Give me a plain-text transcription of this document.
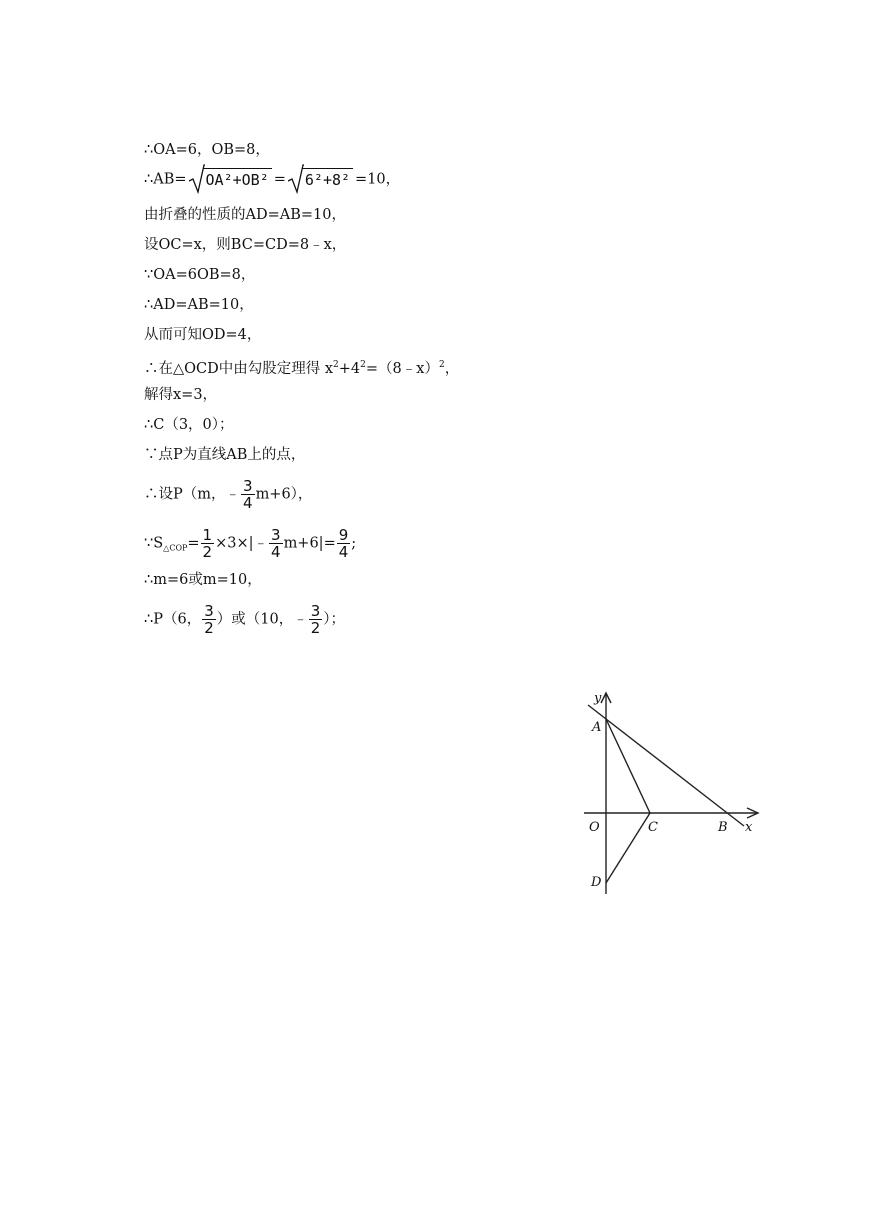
∴OA=6，OB=8，
∴AB= OA²+OB² = 6²+8² =10，
由折叠的性质的AD=AB=10，
设OC=x，则BC=CD=8﹣x，
∵OA=6OB=8，
∴AD=AB=10，
从而可知OD=4，
∴在△OCD中由勾股定理得 $x^2+4^2=(8﹣x)^2$，
解得x=3，
∴C（3，0）；
∵点P为直线AB上的点，
∴设P（m，﹣ $\frac{3}{4} m+6$），
$\because S_{\triangle COP}= \frac{1}{2}$ ×3×|﹣ $\frac{3}{4} m+6|= \frac{9}{4}$ ;
∴m=6或m=10，
∴P（6， $\frac{3}{2}$ ）或（10，﹣ $\frac{3}{2}$ ）；
y
A
O	C	B x
D
